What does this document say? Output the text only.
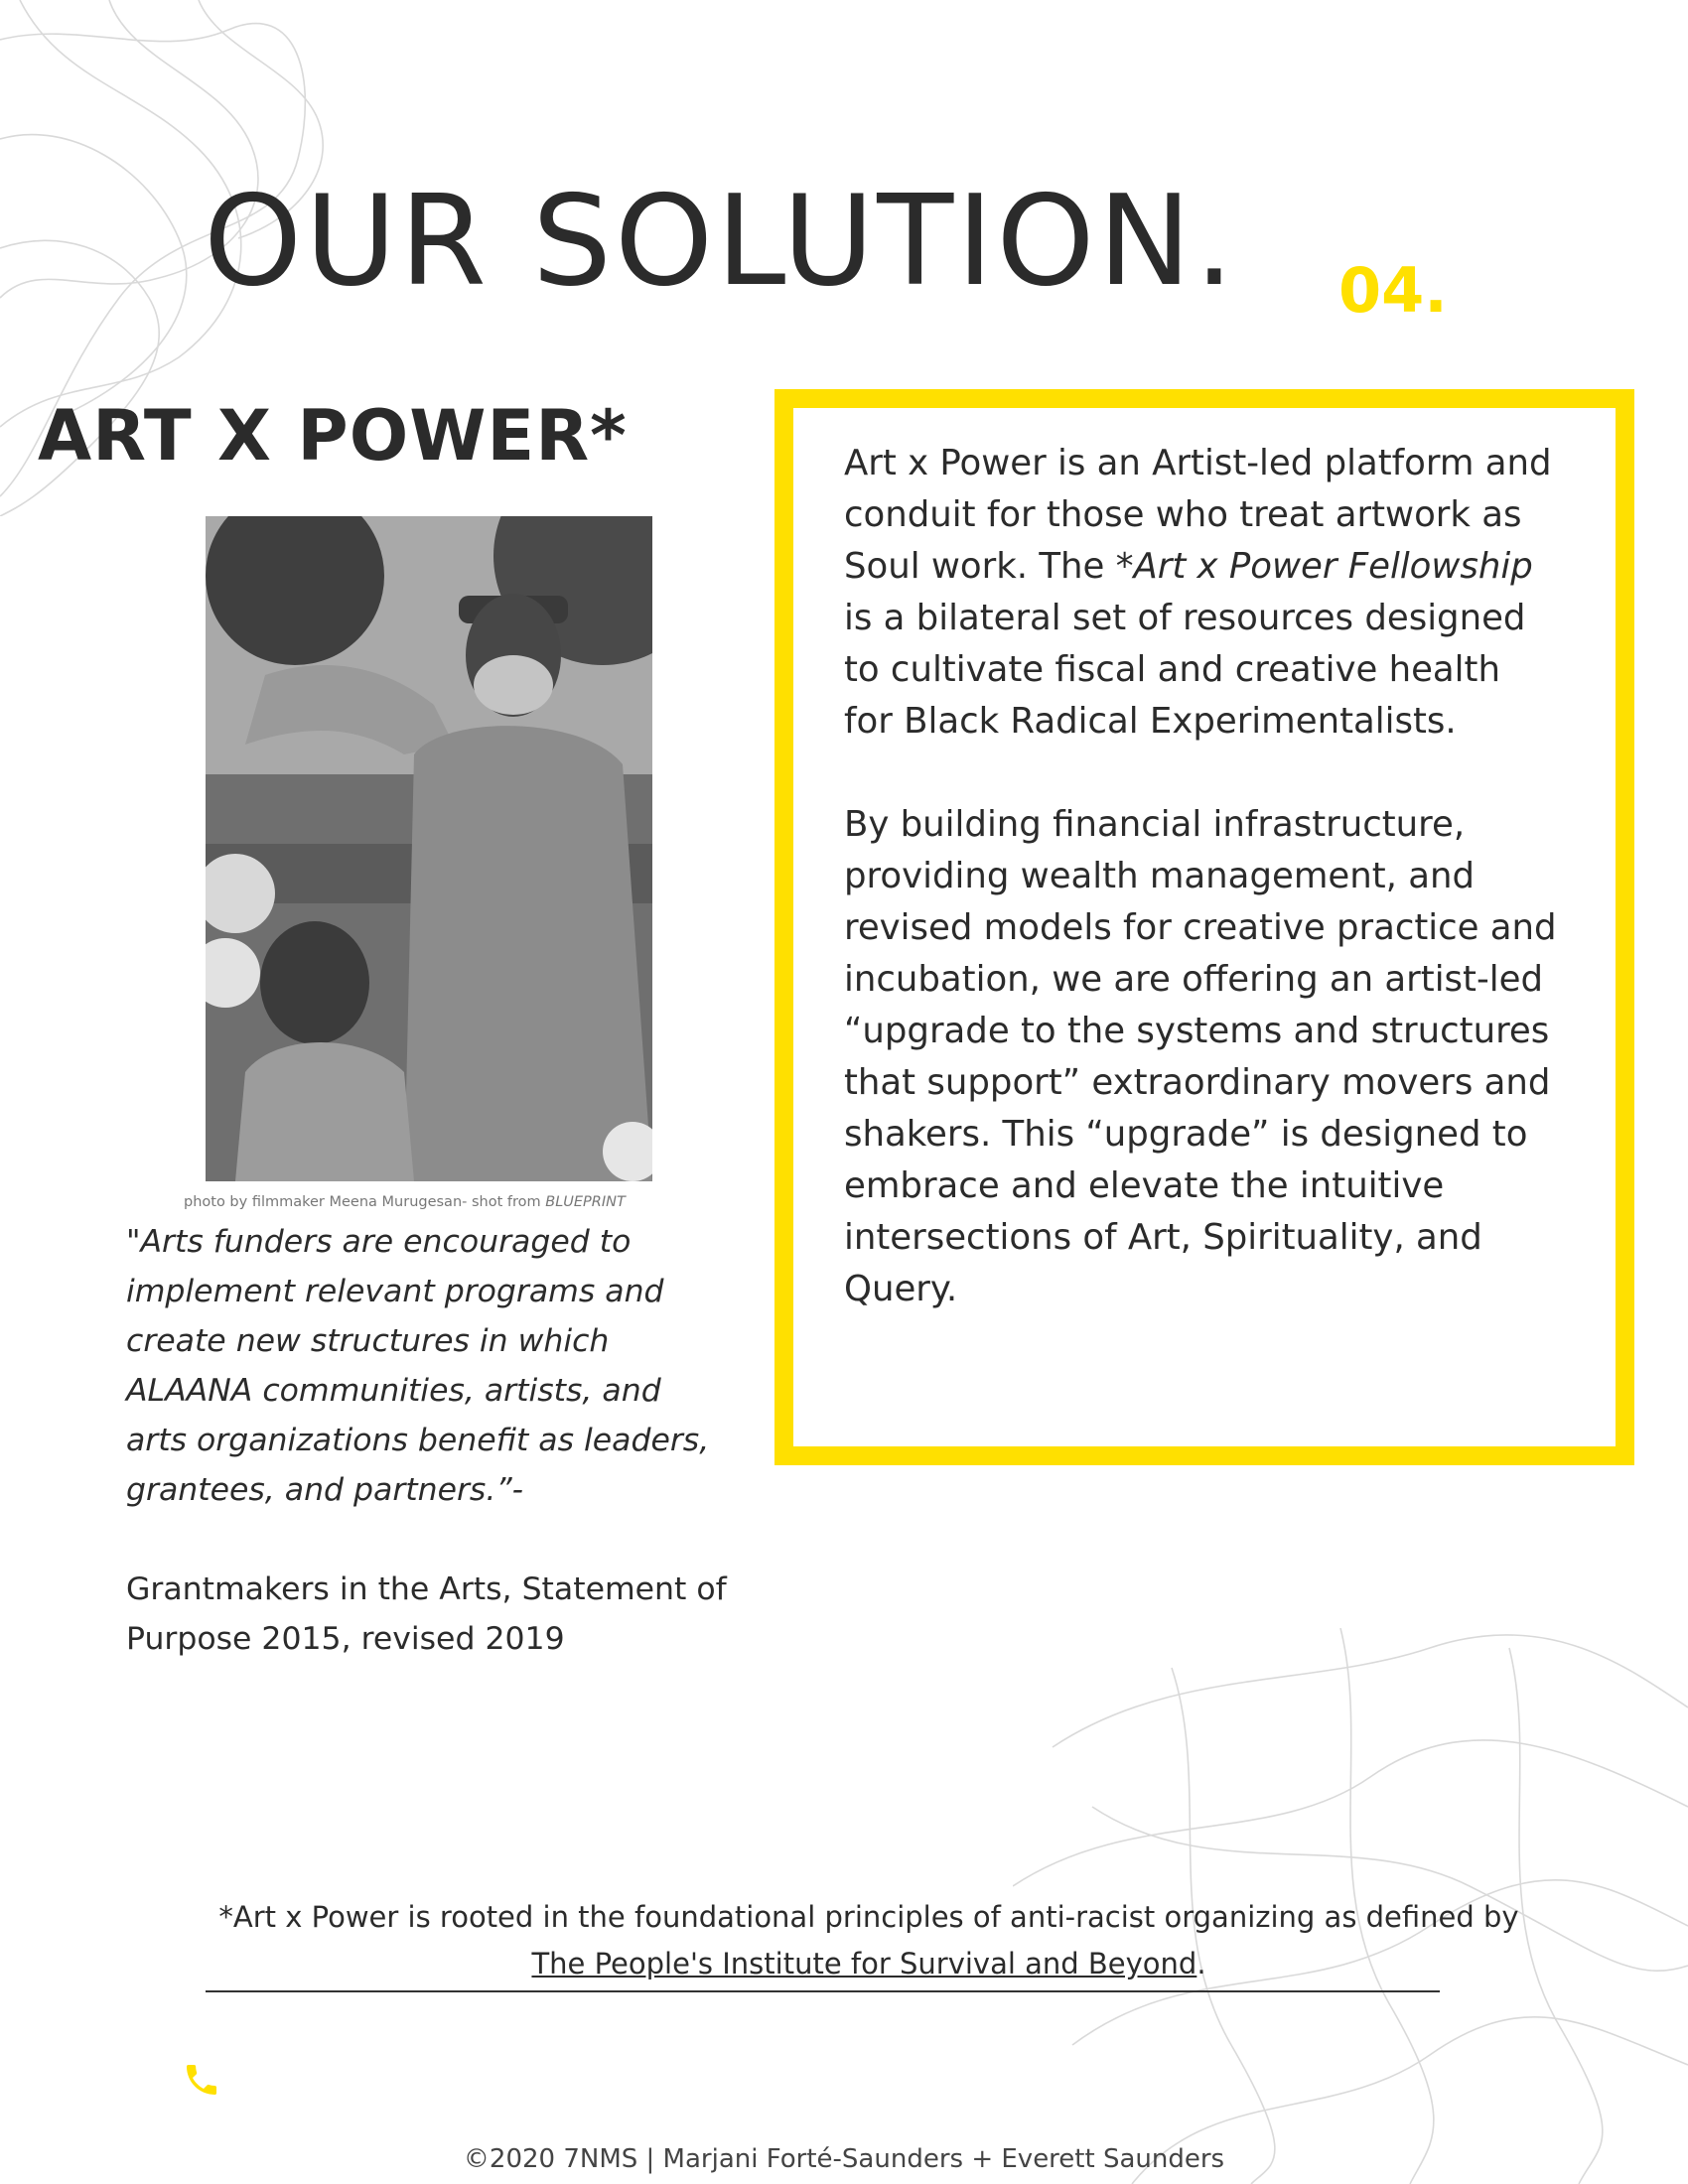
OUR SOLUTION. 04.
ART X POWER*
photo by filmmaker Meena Murugesan- shot from BLUEPRINT
"Arts funders are encouraged to implement relevant programs and create new structures in which ALAANA communities, artists, and arts organizations benefit as leaders, grantees, and partners.”-
Grantmakers in the Arts, Statement of Purpose 2015, revised 2019

Art x Power is an Artist-led platform and conduit for those who treat artwork as Soul work. The *Art x Power Fellowship is a bilateral set of resources designed to cultivate fiscal and creative health for Black Radical Experimentalists.

By building financial infrastructure, providing wealth management, and revised models for creative practice and incubation, we are offering an artist-led “upgrade to the systems and structures that support” extraordinary movers and shakers. This “upgrade” is designed to embrace and elevate the intuitive intersections of Art, Spirituality, and Query.

*Art x Power is rooted in the foundational principles of anti-racist organizing as defined by
The People's Institute for Survival and Beyond.
©2020 7NMS | Marjani Forté-Saunders + Everett Saunders
